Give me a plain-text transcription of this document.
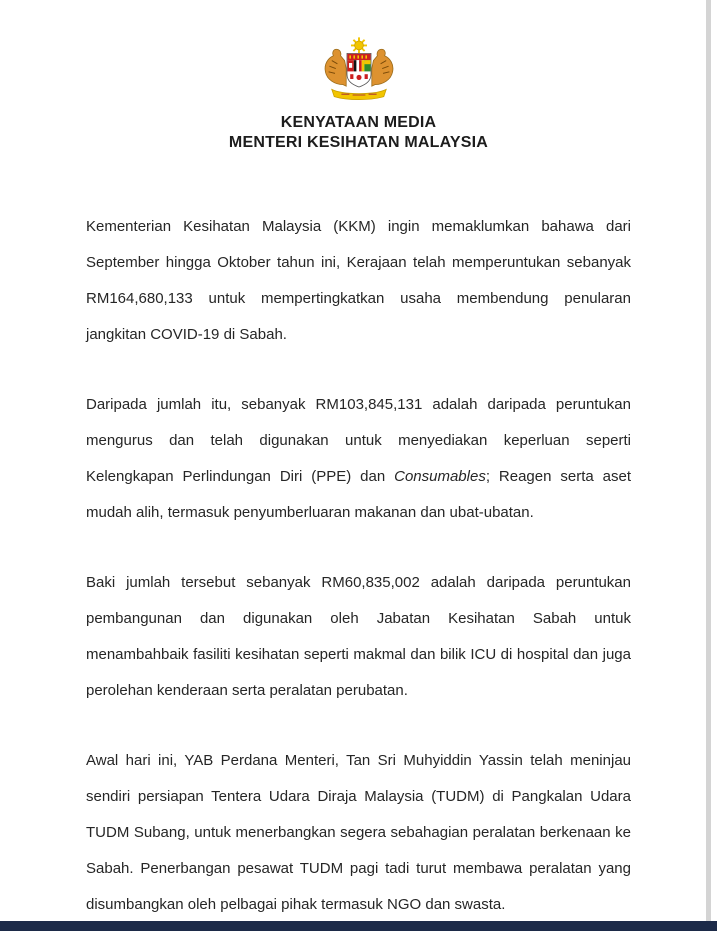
KENYATAAN MEDIA
MENTERI KESIHATAN MALAYSIA

Kementerian Kesihatan Malaysia (KKM) ingin memaklumkan bahawa dari September hingga Oktober tahun ini, Kerajaan telah memperuntukan sebanyak RM164,680,133 untuk mempertingkatkan usaha membendung penularan jangkitan COVID-19 di Sabah.

Daripada jumlah itu, sebanyak RM103,845,131 adalah daripada peruntukan mengurus dan telah digunakan untuk menyediakan keperluan seperti Kelengkapan Perlindungan Diri (PPE) dan Consumables; Reagen serta aset mudah alih, termasuk penyumberluaran makanan dan ubat-ubatan.

Baki jumlah tersebut sebanyak RM60,835,002 adalah daripada peruntukan pembangunan dan digunakan oleh Jabatan Kesihatan Sabah untuk menambahbaik fasiliti kesihatan seperti makmal dan bilik ICU di hospital dan juga perolehan kenderaan serta peralatan perubatan.

Awal hari ini, YAB Perdana Menteri, Tan Sri Muhyiddin Yassin telah meninjau sendiri persiapan Tentera Udara Diraja Malaysia (TUDM) di Pangkalan Udara TUDM Subang, untuk menerbangkan segera sebahagian peralatan berkenaan ke Sabah. Penerbangan pesawat TUDM pagi tadi turut membawa peralatan yang disumbangkan oleh pelbagai pihak termasuk NGO dan swasta.
